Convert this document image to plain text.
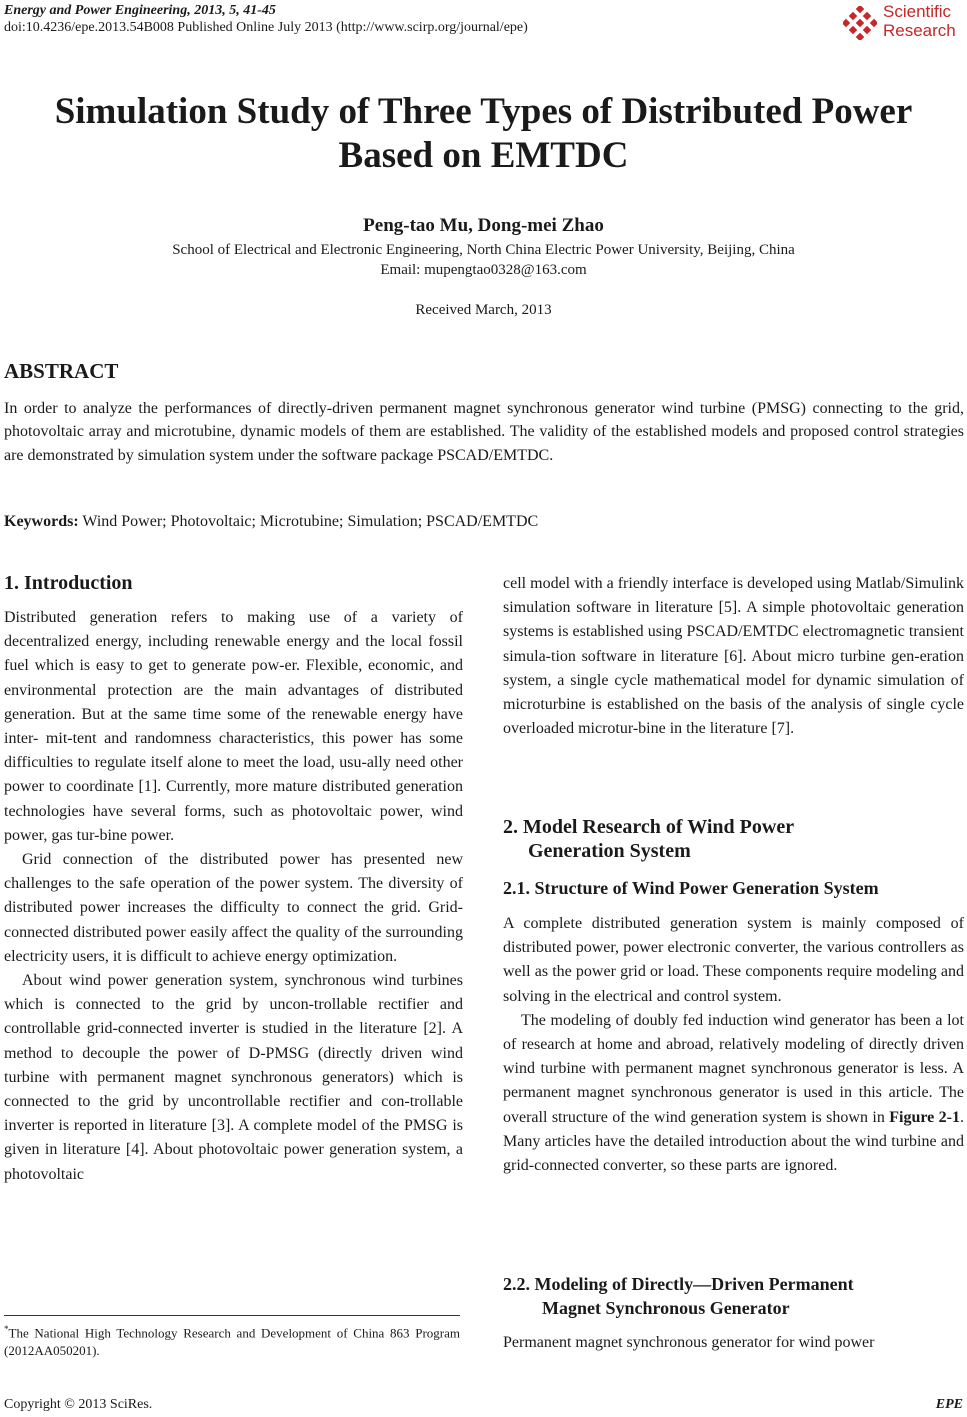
Energy and Power Engineering, 2013, 5, 41-45
doi:10.4236/epe.2013.54B008 Published Online July 2013 (http://www.scirp.org/journal/epe)
Scientific
Research
Simulation Study of Three Types of Distributed Power
Based on EMTDC
Peng-tao Mu, Dong-mei Zhao
School of Electrical and Electronic Engineering, North China Electric Power University, Beijing, China
Email: mupengtao0328@163.com
Received March, 2013
ABSTRACT
In order to analyze the performances of directly-driven permanent magnet synchronous generator wind turbine (PMSG) connecting to the grid, photovoltaic array and microtubine, dynamic models of them are established. The validity of the established models and proposed control strategies are demonstrated by simulation system under the software package PSCAD/EMTDC.
Keywords: Wind Power; Photovoltaic; Microtubine; Simulation; PSCAD/EMTDC
1. Introduction

Distributed generation refers to making use of a variety of decentralized energy, including renewable energy and the local fossil fuel which is easy to get to generate pow-er. Flexible, economic, and environmental protection are the main advantages of distributed generation. But at the same time some of the renewable energy have inter- mit-tent and randomness characteristics, this power has some difficulties to regulate itself alone to meet the load, usu-ally need other power to coordinate [1]. Currently, more mature distributed generation technologies have several forms, such as photovoltaic power, wind power, gas tur-bine power.

Grid connection of the distributed power has presented new challenges to the safe operation of the power system. The diversity of distributed power increases the difficulty to connect the grid. Grid-connected distributed power easily affect the quality of the surrounding electricity users, it is difficult to achieve energy optimization.

About wind power generation system, synchronous wind turbines which is connected to the grid by uncon-trollable rectifier and controllable grid-connected inverter is studied in the literature [2]. A method to decouple the power of D-PMSG (directly driven wind turbine with permanent magnet synchronous generators) which is connected to the grid by uncontrollable rectifier and con-trollable inverter is reported in literature [3]. A complete model of the PMSG is given in literature [4]. About photovoltaic power generation system, a photovoltaic

cell model with a friendly interface is developed using Matlab/Simulink simulation software in literature [5]. A simple photovoltaic generation systems is established using PSCAD/EMTDC electromagnetic transient simula-tion software in literature [6]. About micro turbine gen-eration system, a single cycle mathematical model for dynamic simulation of microturbine is established on the basis of the analysis of single cycle overloaded microtur-bine in the literature [7].
2. Model Research of Wind Power
Generation System
2.1. Structure of Wind Power Generation System

A complete distributed generation system is mainly composed of distributed power, power electronic converter, the various controllers as well as the power grid or load. These components require modeling and solving in the electrical and control system.

The modeling of doubly fed induction wind generator has been a lot of research at home and abroad, relatively modeling of directly driven wind turbine with permanent magnet synchronous generator is less. A permanent magnet synchronous generator is used in this article. The overall structure of the wind generation system is shown in Figure 2-1. Many articles have the detailed introduction about the wind turbine and grid-connected converter, so these parts are ignored.

2.2. Modeling of Directly—Driven Permanent
Magnet Synchronous Generator
Permanent magnet synchronous generator for wind power
*The National High Technology Research and Development of China 863 Program (2012AA050201).
Copyright © 2013 SciRes.	EPE
